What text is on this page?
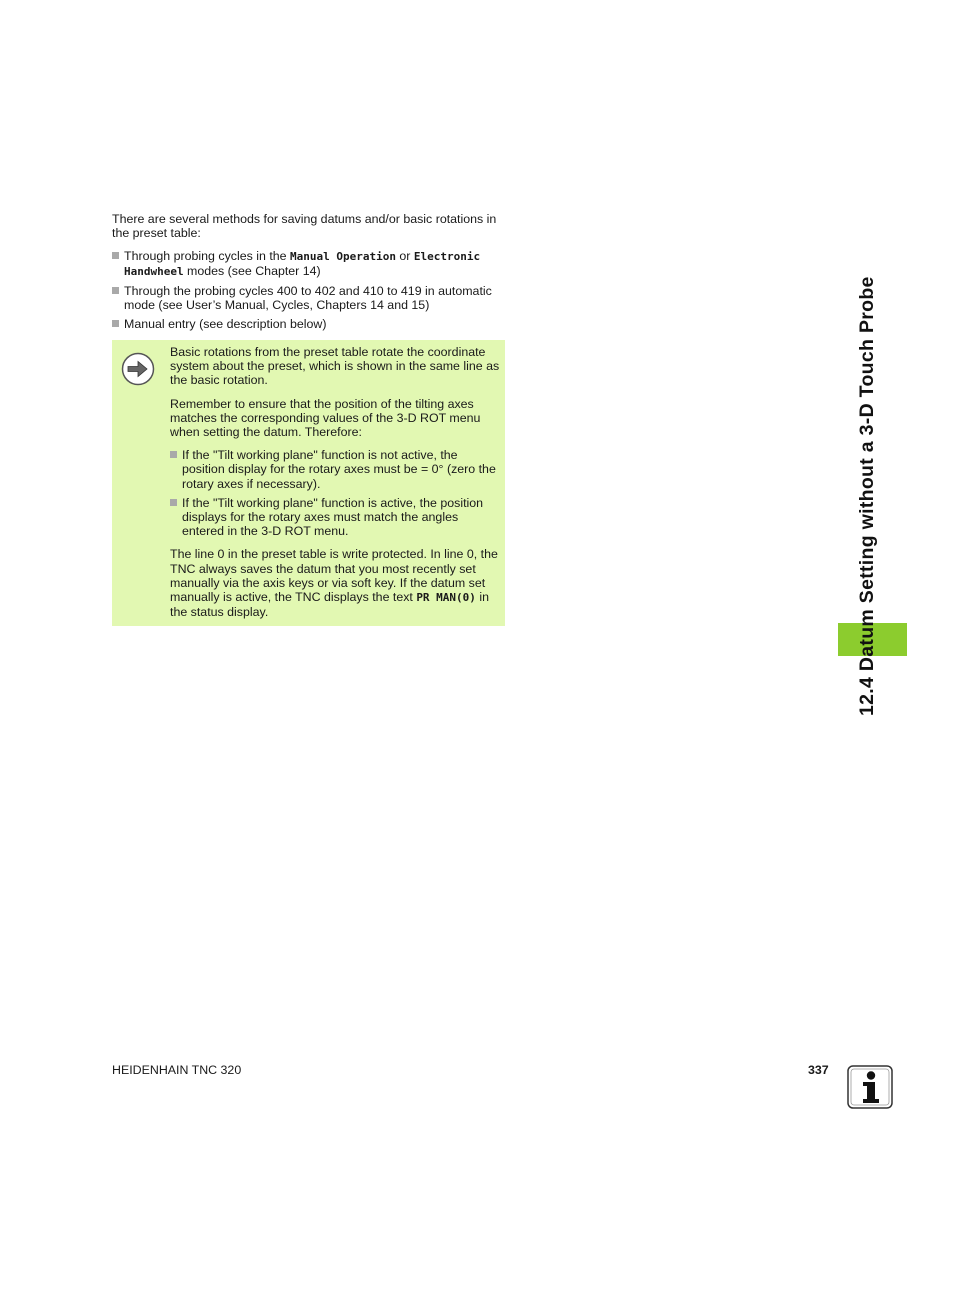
There are several methods for saving datums and/or basic rotations in the preset table:
Through probing cycles in the Manual Operation or Electronic Handwheel modes (see Chapter 14)
Through the probing cycles 400 to 402 and 410 to 419 in automatic mode (see User’s Manual, Cycles, Chapters 14 and 15)
Manual entry (see description below)

Basic rotations from the preset table rotate the coordinate system about the preset, which is shown in the same line as the basic rotation.

Remember to ensure that the position of the tilting axes matches the corresponding values of the 3-D ROT menu when setting the datum. Therefore:

If the "Tilt working plane" function is not active, the position display for the rotary axes must be = 0° (zero the rotary axes if necessary).
If the "Tilt working plane" function is active, the position displays for the rotary axes must match the angles entered in the 3-D ROT menu.

The line 0 in the preset table is write protected. In line 0, the TNC always saves the datum that you most recently set manually via the axis keys or via soft key. If the datum set manually is active, the TNC displays the text PR MAN(0) in the status display.	12.4 Datum Setting without a 3-D Touch Probe
HEIDENHAIN TNC 320	337
